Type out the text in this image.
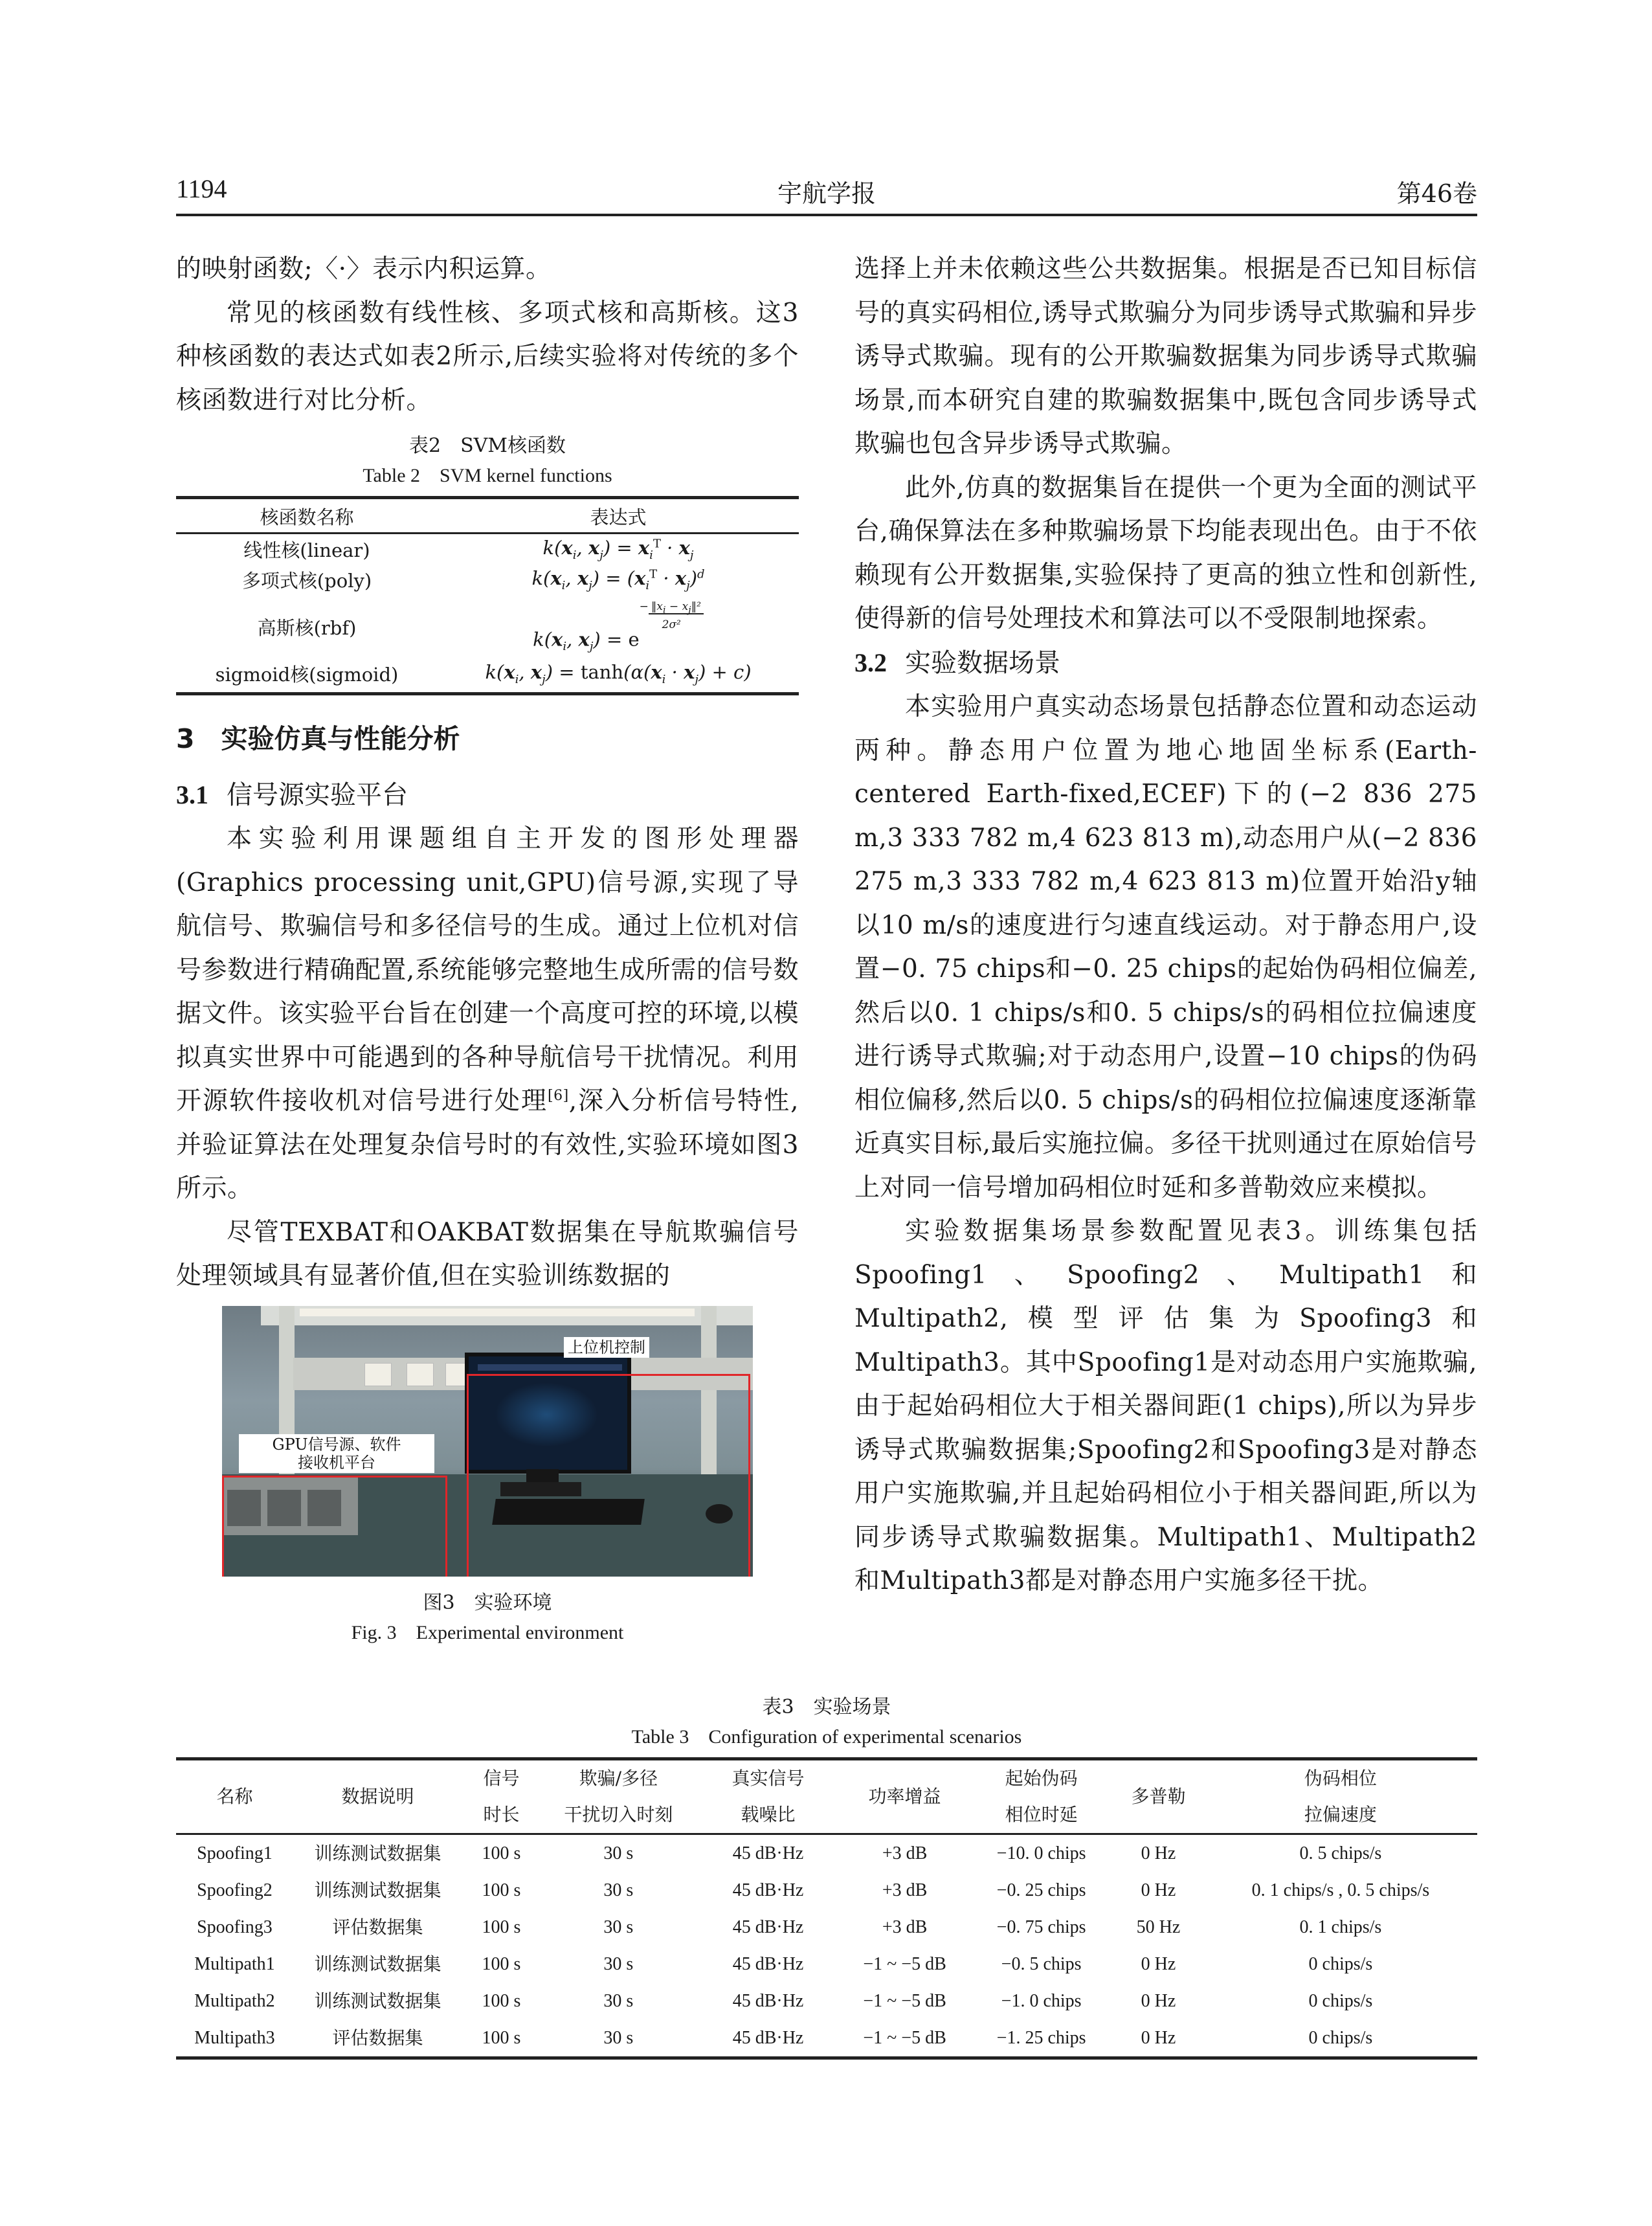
1194	宇航学报	第46卷

的映射函数;〈·〉表示内积运算。

常见的核函数有线性核、多项式核和高斯核。这3种核函数的表达式如表2所示,后续实验将对传统的多个核函数进行对比分析。

表2　SVM核函数

Table 2　SVM kernel functions

核函数名称	表达式
线性核(linear)	$k(x_i$, $x_j) = x_i^T \cdot x_j$
多项式核(poly)	$k(x_i$, $x_j) = (x_i^T \cdot x_j)^d$
高斯核(rbf)	$k(x_i$, $x_j) = e-$ $‖x_i$ − $x_j‖^2$
2σ²
sigmoid核(sigmoid)	$k(x_i$, $x_j) = \tanh(\alpha(x_i \cdot x_j) + c)$
3　实验仿真与性能分析
3.1 信号源实验平台

本实验利用课题组自主开发的图形处理器(Graphics processing unit,GPU)信号源,实现了导航信号、欺骗信号和多径信号的生成。通过上位机对信号参数进行精确配置,系统能够完整地生成所需的信号数据文件。该实验平台旨在创建一个高度可控的环境,以模拟真实世界中可能遇到的各种导航信号干扰情况。利用开源软件接收机对信号进行处理[6],深入分析信号特性,并验证算法在处理复杂信号时的有效性,实验环境如图3所示。

尽管TEXBAT和OAKBAT数据集在导航欺骗信号处理领域具有显著价值,但在实验训练数据的

上位机控制
GPU信号源、软件
接收机平台

图3　实验环境

Fig. 3　Experimental environment

选择上并未依赖这些公共数据集。根据是否已知目标信号的真实码相位,诱导式欺骗分为同步诱导式欺骗和异步诱导式欺骗。现有的公开欺骗数据集为同步诱导式欺骗场景,而本研究自建的欺骗数据集中,既包含同步诱导式欺骗也包含异步诱导式欺骗。

此外,仿真的数据集旨在提供一个更为全面的测试平台,确保算法在多种欺骗场景下均能表现出色。由于不依赖现有公开数据集,实验保持了更高的独立性和创新性,使得新的信号处理技术和算法可以不受限制地探索。

3.2 实验数据场景

本实验用户真实动态场景包括静态位置和动态运动两种。静态用户位置为地心地固坐标系(Earth-centered Earth-fixed,ECEF)下的(−2 836 275 m,3 333 782 m,4 623 813 m),动态用户从(−2 836 275 m,3 333 782 m,4 623 813 m)位置开始沿y轴以10 m/s的速度进行匀速直线运动。对于静态用户,设置−0. 75 chips和−0. 25 chips的起始伪码相位偏差,然后以0. 1 chips/s和0. 5 chips/s的码相位拉偏速度进行诱导式欺骗;对于动态用户,设置−10 chips的伪码相位偏移,然后以0. 5 chips/s的码相位拉偏速度逐渐靠近真实目标,最后实施拉偏。多径干扰则通过在原始信号上对同一信号增加码相位时延和多普勒效应来模拟。

实验数据集场景参数配置见表3。训练集包括Spoofing1、Spoofing2、Multipath1和Multipath2,模型评估集为Spoofing3和Multipath3。其中Spoofing1是对动态用户实施欺骗,由于起始码相位大于相关器间距(1 chips),所以为异步诱导式欺骗数据集;Spoofing2和Spoofing3是对静态用户实施欺骗,并且起始码相位小于相关器间距,所以为同步诱导式欺骗数据集。Multipath1、Multipath2和Multipath3都是对静态用户实施多径干扰。

表3　实验场景

Table 3　Configuration of experimental scenarios

名称	数据说明	信号	欺骗/多径	真实信号	功率增益	起始伪码	多普勒	伪码相位
		时长	干扰切入时刻	载噪比		相位时延		拉偏速度
Spoofing1	训练测试数据集	100 s	30 s	45 dB·Hz	+3 dB	−10. 0 chips	0 Hz	0. 5 chips/s
Spoofing2	训练测试数据集	100 s	30 s	45 dB·Hz	+3 dB	−0. 25 chips	0 Hz	0. 1 chips/s , 0. 5 chips/s
Spoofing3	评估数据集	100 s	30 s	45 dB·Hz	+3 dB	−0. 75 chips	50 Hz	0. 1 chips/s
Multipath1	训练测试数据集	100 s	30 s	45 dB·Hz	−1 ~ −5 dB	−0. 5 chips	0 Hz	0 chips/s
Multipath2	训练测试数据集	100 s	30 s	45 dB·Hz	−1 ~ −5 dB	−1. 0 chips	0 Hz	0 chips/s
Multipath3	评估数据集	100 s	30 s	45 dB·Hz	−1 ~ −5 dB	−1. 25 chips	0 Hz	0 chips/s
